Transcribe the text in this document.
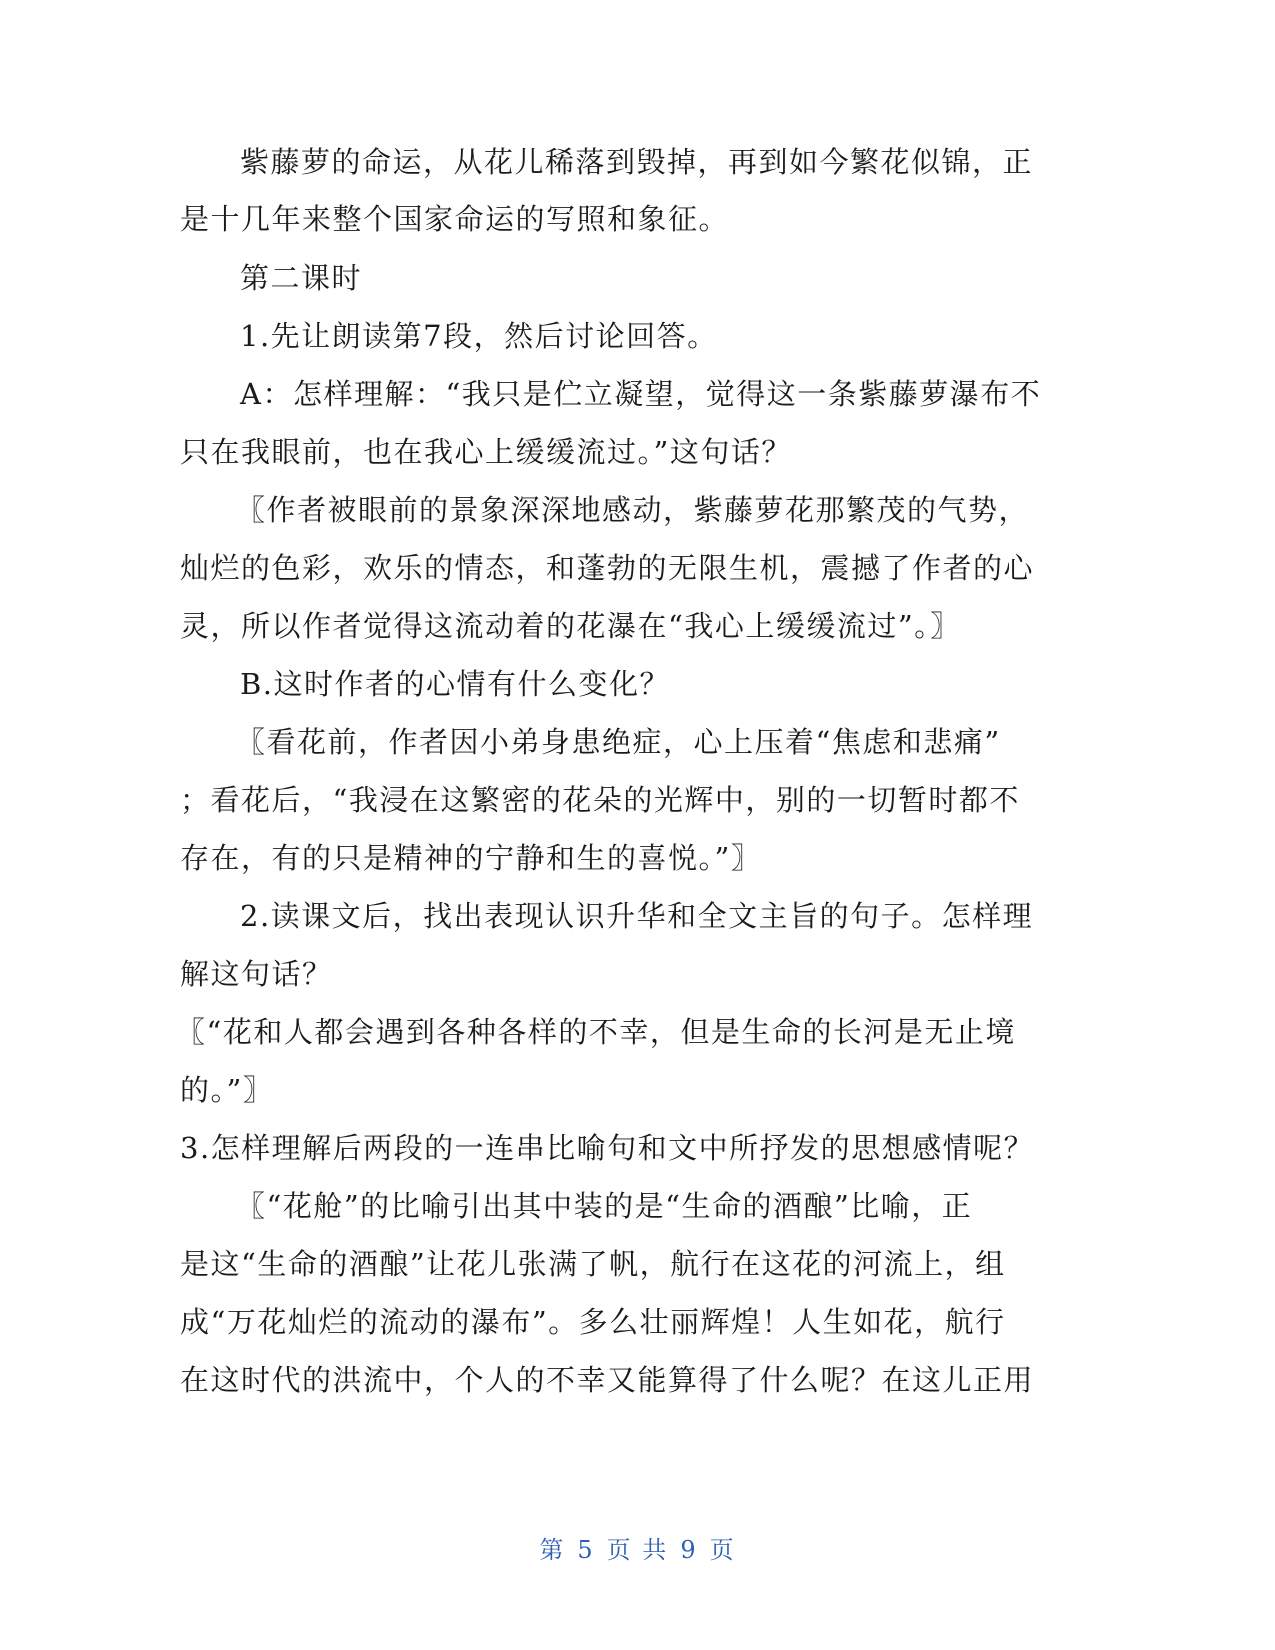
紫藤萝的命运，从花儿稀落到毁掉，再到如今繁花似锦，正
是十几年来整个国家命运的写照和象征。
第二课时
1.先让朗读第7段，然后讨论回答。
A：怎样理解：“我只是伫立凝望，觉得这一条紫藤萝瀑布不
只在我眼前，也在我心上缓缓流过。”这句话？
〖作者被眼前的景象深深地感动，紫藤萝花那繁茂的气势，
灿烂的色彩，欢乐的情态，和蓬勃的无限生机，震撼了作者的心
灵，所以作者觉得这流动着的花瀑在“我心上缓缓流过”。〗
B.这时作者的心情有什么变化？
〖看花前，作者因小弟身患绝症，心上压着“焦虑和悲痛”
；看花后，“我浸在这繁密的花朵的光辉中，别的一切暂时都不
存在，有的只是精神的宁静和生的喜悦。”〗
2.读课文后，找出表现认识升华和全文主旨的句子。怎样理
解这句话？
〖“花和人都会遇到各种各样的不幸，但是生命的长河是无止境
的。”〗
3.怎样理解后两段的一连串比喻句和文中所抒发的思想感情呢？
〖“花舱”的比喻引出其中装的是“生命的酒酿”比喻，正
是这“生命的酒酿”让花儿张满了帆，航行在这花的河流上，组
成“万花灿烂的流动的瀑布”。多么壮丽辉煌！人生如花，航行
在这时代的洪流中，个人的不幸又能算得了什么呢？在这儿正用
第 5 页 共 9 页
